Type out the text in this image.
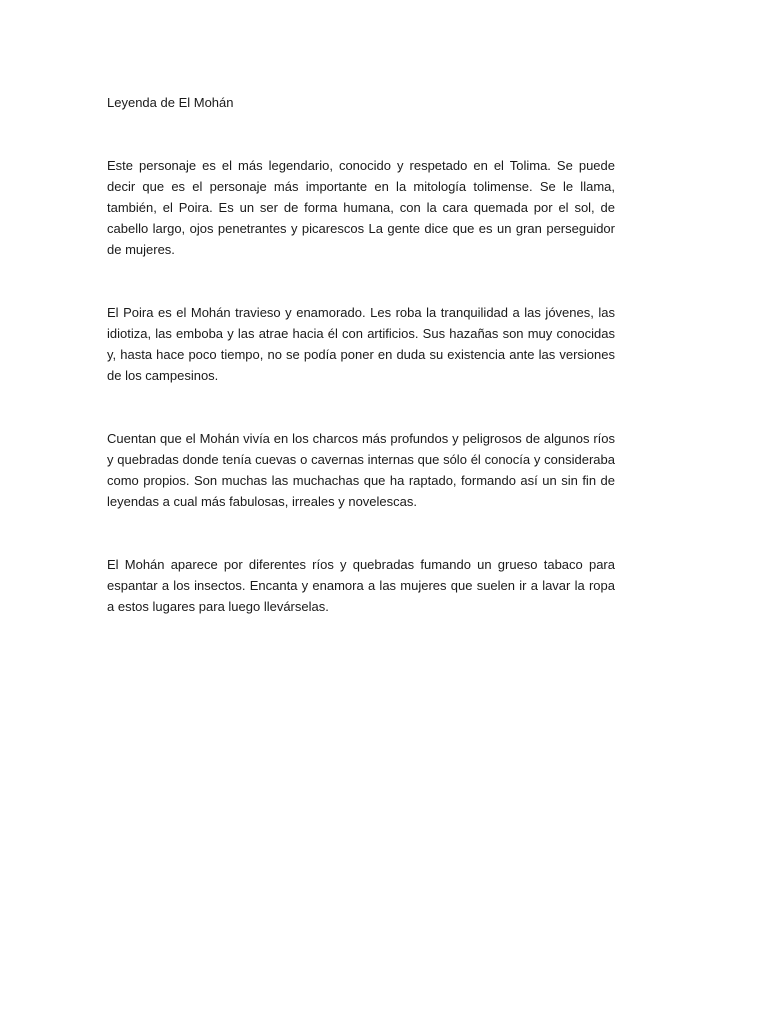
Leyenda de El Mohán

Este personaje es el más legendario, conocido y respetado en el Tolima. Se puede decir que es el personaje más importante en la mitología tolimense. Se le llama, también, el Poira. Es un ser de forma humana, con la cara quemada por el sol, de cabello largo, ojos penetrantes y picarescos La gente dice que es un gran perseguidor de mujeres.

El Poira es el Mohán travieso y enamorado. Les roba la tranquilidad a las jóvenes, las idiotiza, las emboba y las atrae hacia él con artificios. Sus hazañas son muy conocidas y, hasta hace poco tiempo, no se podía poner en duda su existencia ante las versiones de los campesinos.

Cuentan que el Mohán vivía en los charcos más profundos y peligrosos de algunos ríos y quebradas donde tenía cuevas o cavernas internas que sólo él conocía y consideraba como propios. Son muchas las muchachas que ha raptado, formando así un sin fin de leyendas a cual más fabulosas, irreales y novelescas.

El Mohán aparece por diferentes ríos y quebradas fumando un grueso tabaco para espantar a los insectos. Encanta y enamora a las mujeres que suelen ir a lavar la ropa a estos lugares para luego llevárselas.
